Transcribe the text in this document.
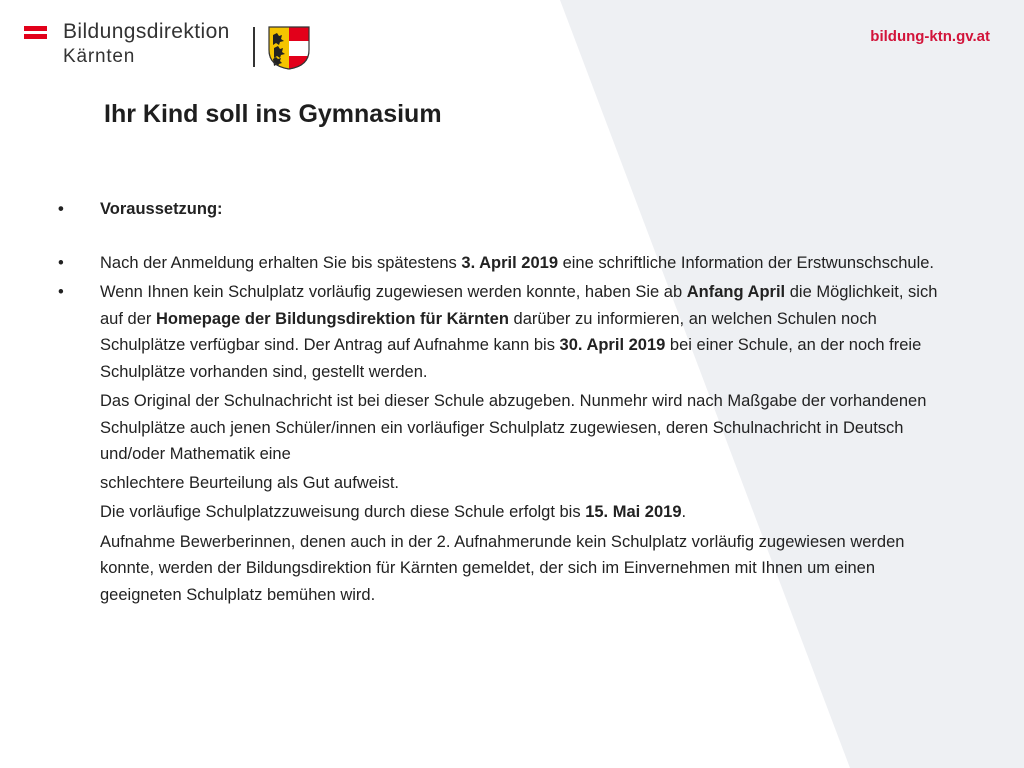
Bildungsdirektion
Kärnten
bildung-ktn.gv.at
Ihr Kind soll ins Gymnasium

• Voraussetzung:

• Nach der Anmeldung erhalten Sie bis spätestens 3. April 2019 eine schriftliche Information der Erstwunschschule.

• Wenn Ihnen kein Schulplatz vorläufig zugewiesen werden konnte, haben Sie ab Anfang April die Möglichkeit, sich auf der Homepage der Bildungsdirektion für Kärnten darüber zu informieren, an welchen Schulen noch Schulplätze verfügbar sind. Der Antrag auf Aufnahme kann bis 30. April 2019 bei einer Schule, an der noch freie Schulplätze vorhanden sind, gestellt werden.

Das Original der Schulnachricht ist bei dieser Schule abzugeben. Nunmehr wird nach Maßgabe der vorhandenen Schulplätze auch jenen Schüler/innen ein vorläufiger Schulplatz zugewiesen, deren Schulnachricht in Deutsch und/oder Mathematik eine

schlechtere Beurteilung als Gut aufweist.

Die vorläufige Schulplatzzuweisung durch diese Schule erfolgt bis 15. Mai 2019.

Aufnahme Bewerberinnen, denen auch in der 2. Aufnahmerunde kein Schulplatz vorläufig zugewiesen werden konnte, werden der Bildungsdirektion für Kärnten gemeldet, der sich im Einvernehmen mit Ihnen um einen geeigneten Schulplatz bemühen wird.
